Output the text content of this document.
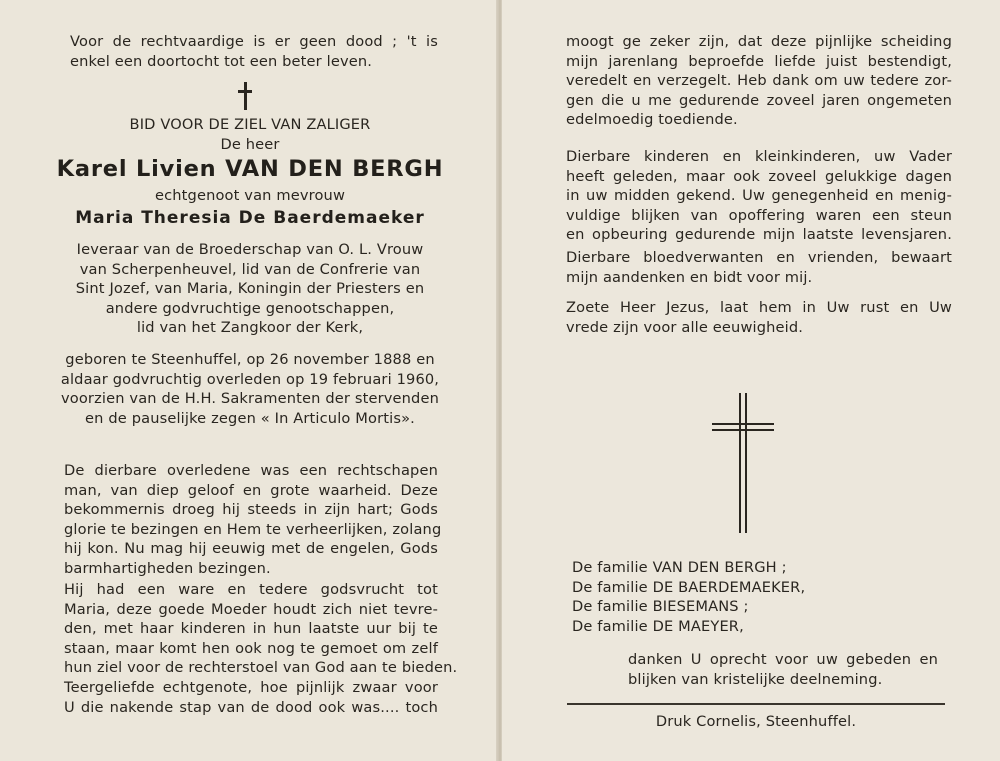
Voor de rechtvaardige is er geen dood ; 't is
enkel een doortocht tot een beter leven.
BID VOOR DE ZIEL VAN ZALIGER
De heer
Karel Livien VAN DEN BERGH
echtgenoot van mevrouw
Maria Theresia De Baerdemaeker
Ieveraar van de Broederschap van O. L. Vrouw
van Scherpenheuvel, lid van de Confrerie van
Sint Jozef, van Maria, Koningin der Priesters en
andere godvruchtige genootschappen,
lid van het Zangkoor der Kerk,
geboren te Steenhuffel, op 26 november 1888 en
aldaar godvruchtig overleden op 19 februari 1960,
voorzien van de H.H. Sakramenten der stervenden
en de pauselijke zegen « In Articulo Mortis».
De dierbare overledene was een rechtschapen
man, van diep geloof en grote waarheid. Deze
bekommernis droeg hij steeds in zijn hart; Gods
glorie te bezingen en Hem te verheerlijken, zolang
hij kon. Nu mag hij eeuwig met de engelen, Gods
barmhartigheden bezingen.
Hij had een ware en tedere godsvrucht tot
Maria, deze goede Moeder houdt zich niet tevre-
den, met haar kinderen in hun laatste uur bij te
staan, maar komt hen ook nog te gemoet om zelf
hun ziel voor de rechterstoel van God aan te bieden.
Teergeliefde echtgenote, hoe pijnlijk zwaar voor
U die nakende stap van de dood ook was.... toch
moogt ge zeker zijn, dat deze pijnlijke scheiding
mijn jarenlang beproefde liefde juist bestendigt,
veredelt en verzegelt. Heb dank om uw tedere zor-
gen die u me gedurende zoveel jaren ongemeten
edelmoedig toediende.
Dierbare kinderen en kleinkinderen, uw Vader
heeft geleden, maar ook zoveel gelukkige dagen
in uw midden gekend. Uw genegenheid en menig-
vuldige blijken van opoffering waren een steun
en opbeuring gedurende mijn laatste levensjaren.
Dierbare bloedverwanten en vrienden, bewaart
mijn aandenken en bidt voor mij.
Zoete Heer Jezus, laat hem in Uw rust en Uw
vrede zijn voor alle eeuwigheid.
De familie VAN DEN BERGH ;
De familie DE BAERDEMAEKER,
De familie BIESEMANS ;
De familie DE MAEYER,
danken U oprecht voor uw gebeden en
blijken van kristelijke deelneming.
Druk Cornelis, Steenhuffel.
